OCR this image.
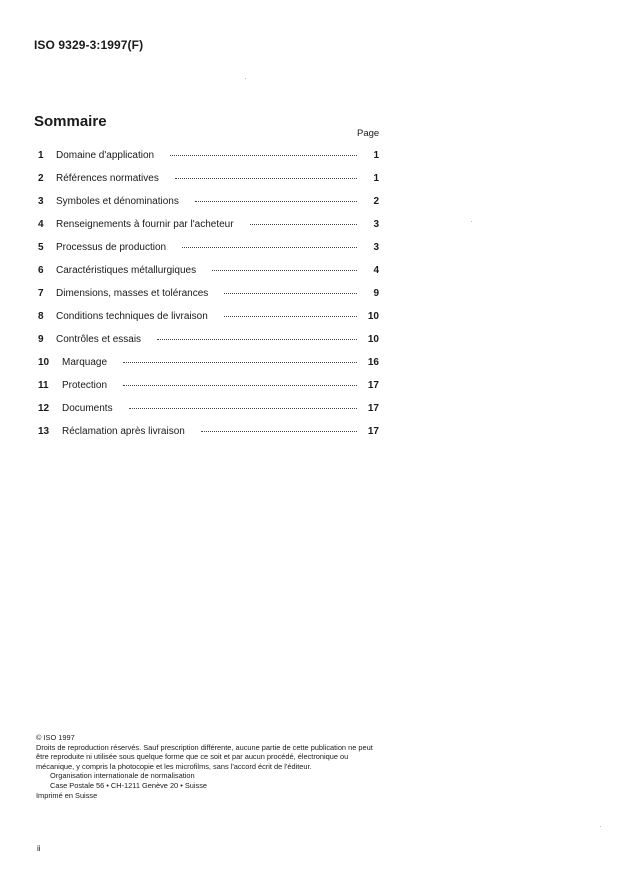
ISO 9329-3:1997(F)
Sommaire
Page
1	Domaine d'application	1
2	Références normatives	1
3	Symboles et dénominations	2
4	Renseignements à fournir par l'acheteur	3
5	Processus de production	3
6	Caractéristiques métallurgiques	4
7	Dimensions, masses et tolérances	9
8	Conditions techniques de livraison	10
9	Contrôles et essais	10
10	Marquage	16
11	Protection	17
12	Documents	17
13	Réclamation après livraison	17

© ISO 1997

Droits de reproduction réservés. Sauf prescription différente, aucune partie de cette publication ne peut être reproduite ni utilisée sous quelque forme que ce soit et par aucun procédé, électronique ou mécanique, y compris la photocopie et les microfilms, sans l'accord écrit de l'éditeur.

Organisation internationale de normalisation

Case Postale 56 • CH-1211 Genève 20 • Suisse

Imprimé en Suisse

ii
